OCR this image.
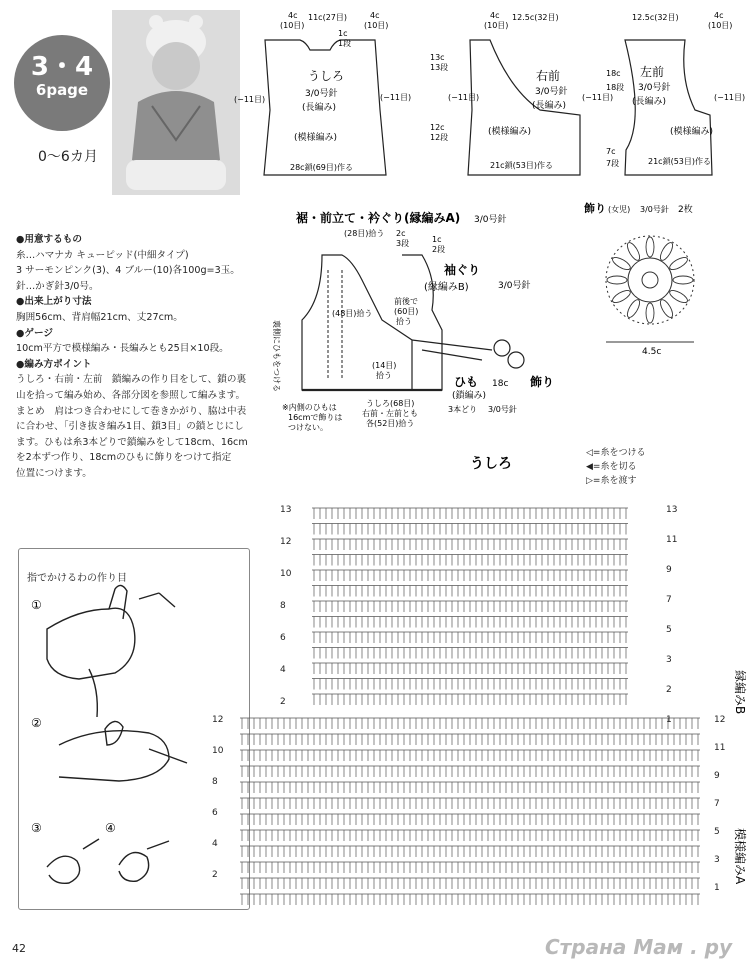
3・4
6page
0〜6カ月

● 用意するもの

糸…ハマナカ キューピッド(中細タイプ)

3 サーモンピンク(3)、4 ブルー(10)各100g=3玉。

針…かぎ針3/0号。

● 出来上がり寸法

胸囲56cm、背肩幅21cm、丈27cm。

● ゲージ

10cm平方で模様編み・長編みとも25目×10段。

● 編み方ポイント

うしろ・右前・左前　鎖編みの作り目をして、鎖の裏

山を拾って編み始め、各部分図を参照して編みます。

まとめ　肩はつき合わせにして巻きかがり、脇は中表

に合わせ、「引き抜き編み1目、鎖3目」の鎖とじにし

ます。ひもは糸3本どりで鎖編みをして18cm、16cm

を2本ずつ作り、18cmのひもに飾りをつけて指定

位置につけます。

指でかけるわの作り目
①
②
③	④
うしろ
3/0号針
(長編み)
(模様編み)
28c鎖(69目)作る
4c
(10目)
11c(27目)	4c
(10目)
1c
1段
(−11目)	(−11目)
13c
13段
12c
12段
右前
3/0号針
(長編み)
(模様編み)
21c鎖(53目)作る
4c
(10目)
12.5c(32目)
(−11目)	(−11目)
左前
3/0号針
(長編み)
(模様編み)
21c鎖(53目)作る
12.5c(32目)	4c
(10目)
(−11目)
18c
18段
7c
7段
裾・前立て・衿ぐり(縁編みA) 3/0号針
(28目)拾う 2c
3段	1c
2段
(48目)拾う
前後で
(60目)
拾う
(14目)
拾う
うしろ(68目)
右前・左前とも
各(52目)拾う
裏側にひもをつける
※内側のひもは
16cmで飾りは
つけない。
袖ぐり
(縁編みB)	3/0号針
ひも 18c
(鎖編み)
3本どり 3/0号針
飾り
飾り (女児) 3/0号針 2枚
4.5c
◁=糸をつける
◀=糸を切る
▷=糸を渡す
うしろ
13
12
10
8
6
4
2
13
11
9
7
5
3
2
1
12
10
8
6
4
2
12
11
9
7
5
3
1
縁編みB
模様編みA
42	Страна Мам . ру
